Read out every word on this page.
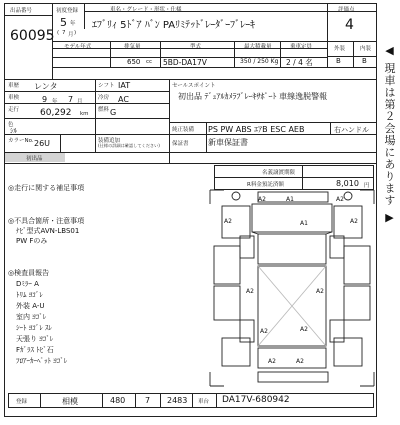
出品番号
60095
初度登録
5 年
( 7 月 )
車名・グレード・形状・仕様
ｴﾌﾞﾘｨ 5ﾄﾞｱ ﾊﾞﾝ PAﾘﾐﾃｯﾄﾞﾚｰﾀﾞｰﾌﾞﾚｰｷ
評価点
4
モデル年式	排気量
650 cc
型式
5BD-DA17V
最大積載量
350 / 250 Kg
乗車定員
2 / 4 名
外装	内装
B	B
車歴 レンタ	シフト IAT
車検	9 年 7 月
冷房 AC
走行 60,292 km
燃料 G
色
ｼﾙ
カラーNo. 26U	装備追加
(仕様の詳細は確認してください)
セールスポイント
初出品 ﾃﾞｭｱﾙｶﾒﾗﾌﾞﾚｰｷｻﾎﾟｰﾄ 車線逸脱警報
純正装備 PS PW ABS ｴｱB ESC AEB	右ハンドル
保証書 新車保証書
初出品
名義譲渡期限
R料金預託済額	8,010 円
◎走行に関する補足事項
◎不具合箇所・注意事項
ﾅﾋﾞ型式AVN-LBS01
PW Fのみ
◎検査員報告
Dﾐﾗｰ A
ﾄﾘﾑ ﾖｺﾞﾚ
外装 A-U
室内 ﾖｺﾞﾚ
ｼｰﾄ ﾖｺﾞﾚ ｽﾚ
天張り ﾖｺﾞﾚ
Fｶﾞﾗｽ ﾄﾋﾞ石
ﾌﾛｱｰｶｰﾍﾟｯﾄ ﾖｺﾞﾚ
A2	A1	A2
A2	A1	A2
A2	A2
A2	A2
A2	A2
登録	相模	480 7 2483 車台 DA17V-680942
◀ 現車は第２会場にあります ▶
